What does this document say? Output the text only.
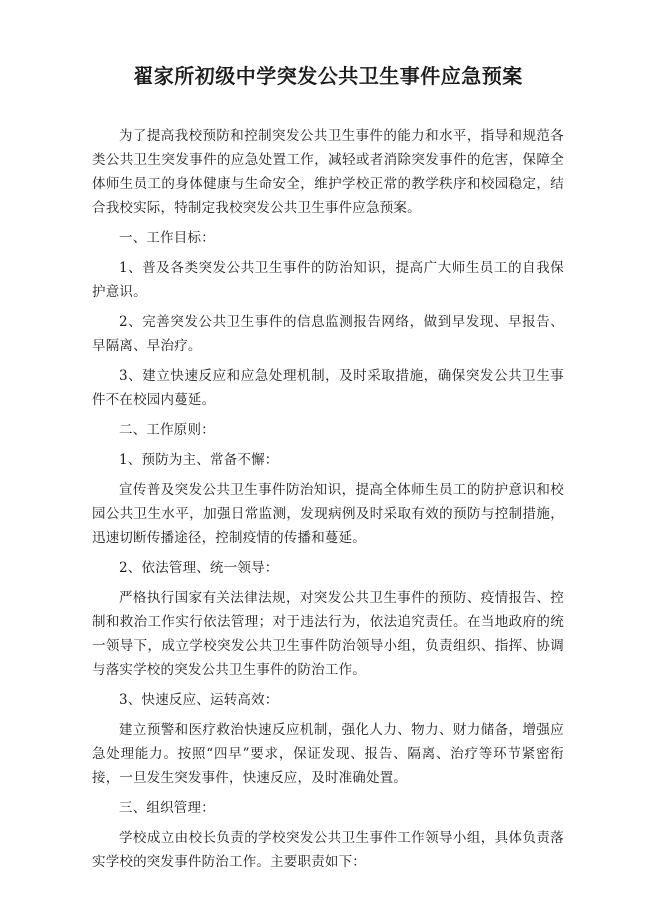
翟家所初级中学突发公共卫生事件应急预案

为了提高我校预防和控制突发公共卫生事件的能力和水平，指导和规范各类公共卫生突发事件的应急处置工作，减轻或者消除突发事件的危害，保障全体师生员工的身体健康与生命安全，维护学校正常的教学秩序和校园稳定，结合我校实际，特制定我校突发公共卫生事件应急预案。

一、工作目标：

1、普及各类突发公共卫生事件的防治知识，提高广大师生员工的自我保护意识。

2、完善突发公共卫生事件的信息监测报告网络，做到早发现、早报告、早隔离、早治疗。

3、建立快速反应和应急处理机制，及时采取措施，确保突发公共卫生事件不在校园内蔓延。

二、工作原则：

1、预防为主、常备不懈：

宣传普及突发公共卫生事件防治知识，提高全体师生员工的防护意识和校园公共卫生水平，加强日常监测，发现病例及时采取有效的预防与控制措施，迅速切断传播途径，控制疫情的传播和蔓延。

2、依法管理、统一领导：

严格执行国家有关法律法规，对突发公共卫生事件的预防、疫情报告、控制和救治工作实行依法管理；对于违法行为，依法追究责任。在当地政府的统一领导下，成立学校突发公共卫生事件防治领导小组，负责组织、指挥、协调与落实学校的突发公共卫生事件的防治工作。

3、快速反应、运转高效：

建立预警和医疗救治快速反应机制，强化人力、物力、财力储备，增强应急处理能力。按照“四早”要求，保证发现、报告、隔离、治疗等环节紧密衔接，一旦发生突发事件，快速反应，及时准确处置。

三、组织管理：

学校成立由校长负责的学校突发公共卫生事件工作领导小组，具体负责落实学校的突发事件防治工作。主要职责如下：
